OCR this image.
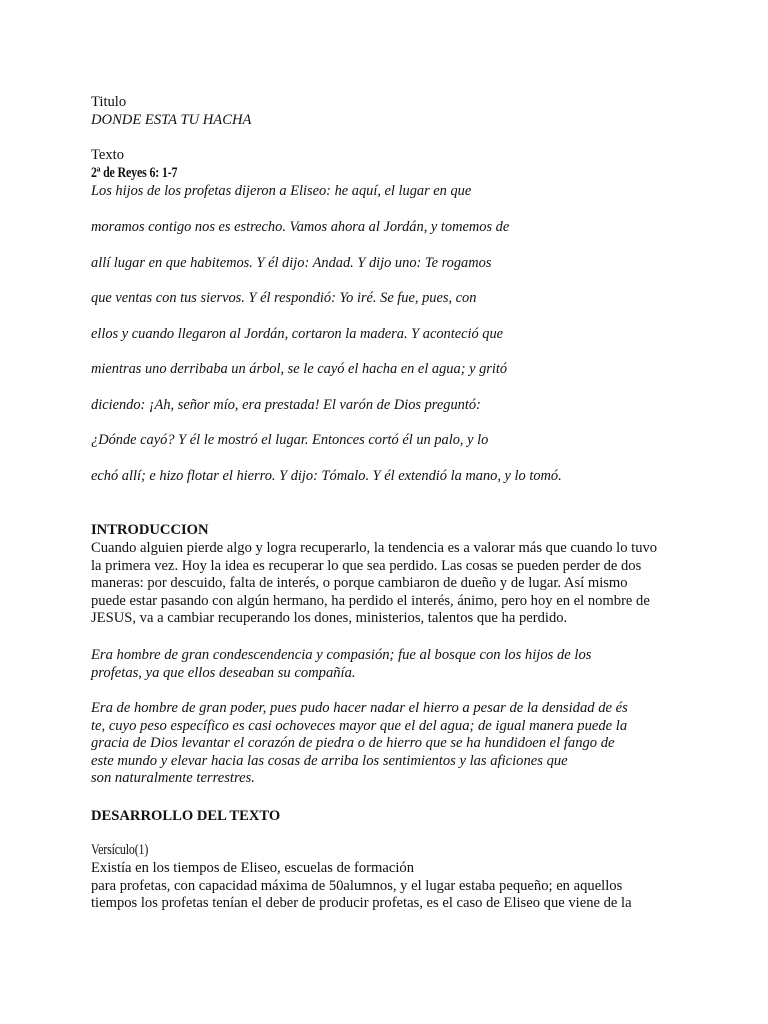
Titulo
DONDE ESTA TU HACHA
Texto
2ª de Reyes 6: 1-7
Los hijos de los profetas dijeron a Eliseo: he aquí, el lugar en que
moramos contigo nos es estrecho. Vamos ahora al Jordán, y tomemos de
allí lugar en que habitemos. Y él dijo: Andad. Y dijo uno: Te rogamos
que ventas con tus siervos. Y él respondió: Yo iré. Se fue, pues, con
ellos y cuando llegaron al Jordán, cortaron la madera. Y aconteció que
mientras uno derribaba un árbol, se le cayó el hacha en el agua; y gritó
diciendo: ¡Ah, señor mío, era prestada! El varón de Dios preguntó:
¿Dónde cayó? Y él le mostró el lugar. Entonces cortó él un palo, y lo
echó allí; e hizo flotar el hierro. Y dijo: Tómalo. Y él extendió la mano, y lo tomó.
INTRODUCCION
Cuando alguien pierde algo y logra recuperarlo, la tendencia es a valorar más que cuando lo tuvo
la primera vez. Hoy la idea es recuperar lo que sea perdido. Las cosas se pueden perder de dos
maneras: por descuido, falta de interés, o porque cambiaron de dueño y de lugar. Así mismo
puede estar pasando con algún hermano, ha perdido el interés, ánimo, pero hoy en el nombre de
JESUS, va a cambiar recuperando los dones, ministerios, talentos que ha perdido.
Era hombre de gran condescendencia y compasión; fue al bosque con los hijos de los
profetas, ya que ellos deseaban su compañía.
Era de hombre de gran poder, pues pudo hacer nadar el hierro a pesar de la densidad de és
te, cuyo peso específico es casi ochoveces mayor que el del agua; de igual manera puede la
gracia de Dios levantar el corazón de piedra o de hierro que se ha hundidoen el fango de
este mundo y elevar hacia las cosas de arriba los sentimientos y las aficiones que
son naturalmente terrestres.
DESARROLLO DEL TEXTO
Versículo(1)
Existía en los tiempos de Eliseo, escuelas de formación
para profetas, con capacidad máxima de 50alumnos, y el lugar estaba pequeño; en aquellos
tiempos los profetas tenían el deber de producir profetas, es el caso de Eliseo que viene de la
